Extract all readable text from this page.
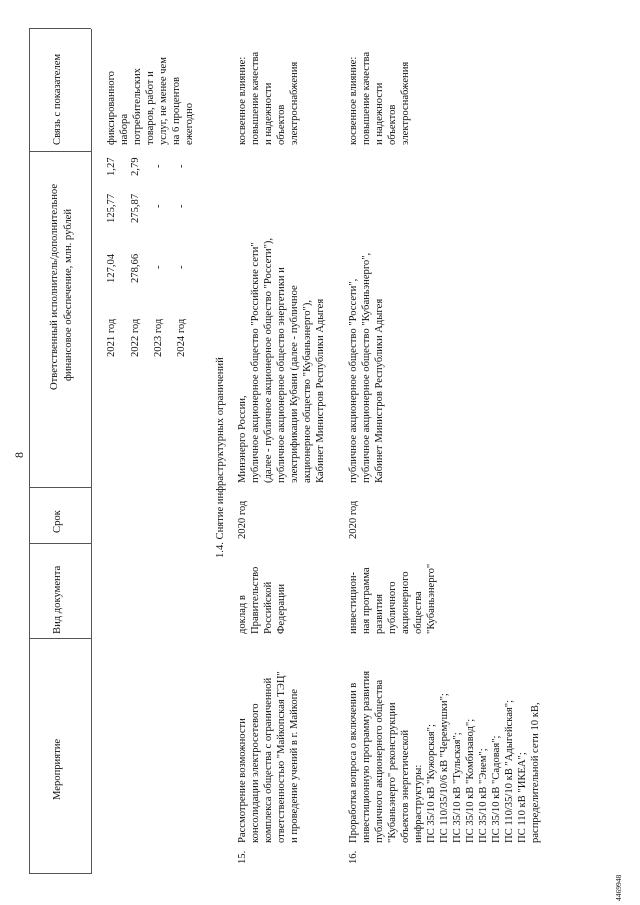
8
Мероприятие
Вид документа
Срок
Ответственный исполнитель/дополнительное финансовое обеспечение, млн. рублей
Связь с показателем
2021 год 2022 год 2023 год 2024 год
127,04 278,66 - -
125,77 275,87 - -
1,27 2,79 - -
фиксированного набора потребительских товаров, работ и услуг, не менее чем на 6 процентов ежегодно
1.4. Снятие инфраструктурных ограничений
15.
Рассмотрение возможности консолидации электросетевого комплекса общества с ограниченной ответственностью "Майкопская ТЭЦ" и проведение учений в г. Майкопе
доклад в Правительство Российской Федерации
2020 год
Минэнерго России, публичное акционерное общество "Российские сети" (далее - публичное акционерное общество "Россети"), публичное акционерное общество энергетики и электрификации Кубани (далее - публичное акционерное общество "Кубаньэнерго"), Кабинет Министров Республики Адыгея
косвенное влияние: повышение качества и надежности объектов электроснабжения
16.
Проработка вопроса о включении в инвестиционную программу развития публичного акционерного общества "Кубаньэнерго" реконструкции объектов энергетической инфраструктуры: ПС 35/10 кВ "Кужорская"; ПС 110/35/10/6 кВ "Черемушки"; ПС 35/10 кВ "Тульская"; ПС 35/10 кВ "Комбизавод"; ПС 35/10 кВ "Энем"; ПС 35/10 кВ "Садовая"; ПС 110/35/10 кВ "Адыгейская"; ПС 110 кВ "ИКЕА"; распределительной сети 10 кВ,
инвестицион- ная программа развития публичного акционерного общества "Кубаньэнерго"
2020 год
публичное акционерное общество "Россети", публичное акционерное общество "Кубаньэнерго", Кабинет Министров Республики Адыгея
косвенное влияние: повышение качества и надежности объектов электроснабжения
4469948
